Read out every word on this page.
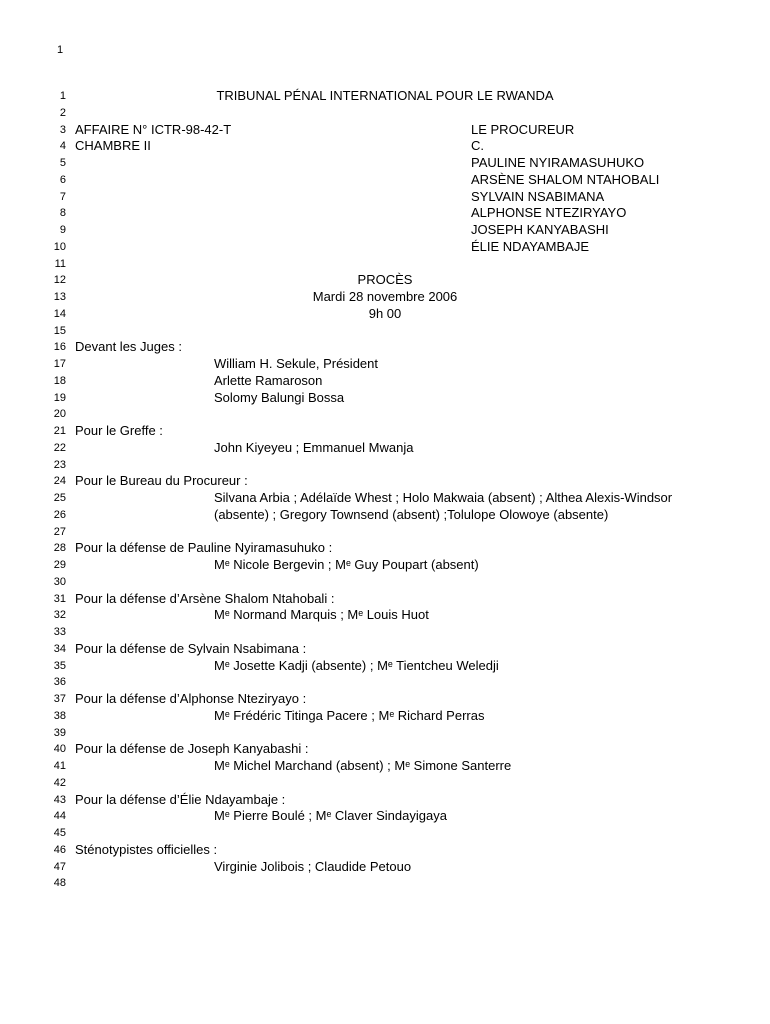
1
1	TRIBUNAL PÉNAL INTERNATIONAL POUR LE RWANDA
2
3 AFFAIRE N° ICTR-98-42-T	LE PROCUREUR
4 CHAMBRE II	C.
5	PAULINE NYIRAMASUHUKO
6	ARSÈNE SHALOM NTAHOBALI
7	SYLVAIN NSABIMANA
8	ALPHONSE NTEZIRYAYO
9	JOSEPH KANYABASHI
10	ÉLIE NDAYAMBAJE
11
12	PROCÈS
13	Mardi 28 novembre 2006
14	9h 00
15
16 Devant les Juges :
17	William H. Sekule, Président
18	Arlette Ramaroson
19	Solomy Balungi Bossa
20
21 Pour le Greffe :
22	John Kiyeyeu ; Emmanuel Mwanja
23
24 Pour le Bureau du Procureur :
25	Silvana Arbia ; Adélaïde Whest ; Holo Makwaia (absent) ; Althea Alexis-Windsor
26	(absente) ; Gregory Townsend (absent) ;Tolulope Olowoye (absente)
27
28 Pour la défense de Pauline Nyiramasuhuko :
29	Mᵉ Nicole Bergevin ; Mᵉ Guy Poupart (absent)
30
31 Pour la défense d’Arsène Shalom Ntahobali :
32	Mᵉ Normand Marquis ; Mᵉ Louis Huot
33
34 Pour la défense de Sylvain Nsabimana :
35	Mᵉ Josette Kadji (absente) ; Mᵉ Tientcheu Weledji
36
37 Pour la défense d’Alphonse Nteziryayo :
38	Mᵉ Frédéric Titinga Pacere ; Mᵉ Richard Perras
39
40 Pour la défense de Joseph Kanyabashi :
41	Mᵉ Michel Marchand (absent) ; Mᵉ Simone Santerre
42
43 Pour la défense d’Élie Ndayambaje :
44	Mᵉ Pierre Boulé ; Mᵉ Claver Sindayigaya
45
46 Sténotypistes officielles :
47	Virginie Jolibois ; Claudide Petouo
48
